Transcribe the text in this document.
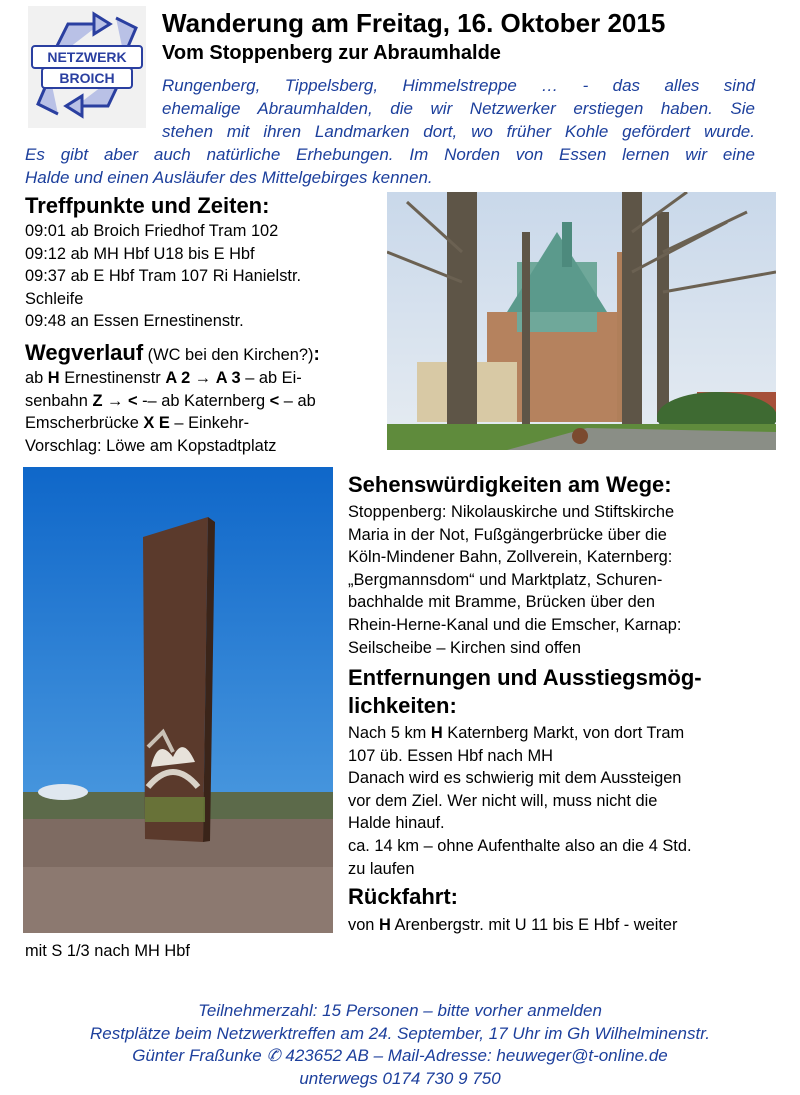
NETZWERK
BROICH
Wanderung am Freitag, 16. Oktober 2015
Vom Stoppenberg zur Abraumhalde
Rungenberg, Tippelsberg, Himmelstreppe … - das alles sind
ehemalige Abraumhalden, die wir Netzwerker erstiegen haben. Sie
stehen mit ihren Landmarken dort, wo früher Kohle gefördert wurde.
Es gibt aber auch natürliche Erhebungen. Im Norden von Essen lernen wir eine
Halde und einen Ausläufer des Mittelgebirges kennen.
Treffpunkte und Zeiten:
09:01 ab Broich Friedhof Tram 102
09:12 ab MH Hbf U18 bis E Hbf
09:37 ab E Hbf Tram 107 Ri Hanielstr.
Schleife
09:48 an Essen Ernestinenstr.
Wegverlauf (WC bei den Kirchen?):
ab H Ernestinenstr A 2 → A 3 – ab Ei-
senbahn Z → < -– ab Katernberg < – ab
Emscherbrücke X E – Einkehr-
Vorschlag: Löwe am Kopstadtplatz
Sehenswürdigkeiten am Wege:
Stoppenberg: Nikolauskirche und Stiftskirche
Maria in der Not, Fußgängerbrücke über die
Köln-Mindener Bahn, Zollverein, Katernberg:
„Bergmannsdom“ und Marktplatz, Schuren-
bachhalde mit Bramme, Brücken über den
Rhein-Herne-Kanal und die Emscher, Karnap:
Seilscheibe – Kirchen sind offen
Entfernungen und Ausstiegsmög-
lichkeiten:
Nach 5 km H Katernberg Markt, von dort Tram
107 üb. Essen Hbf nach MH
Danach wird es schwierig mit dem Aussteigen
vor dem Ziel. Wer nicht will, muss nicht die
Halde hinauf.
ca. 14 km – ohne Aufenthalte also an die 4 Std.
zu laufen
Rückfahrt:
von H Arenbergstr. mit U 11 bis E Hbf - weiter
mit S 1/3 nach MH Hbf
Teilnehmerzahl: 15 Personen – bitte vorher anmelden
Restplätze beim Netzwerktreffen am 24. September, 17 Uhr im Gh Wilhelminenstr.
Günter Fraßunke ✆ 423652 AB – Mail-Adresse: heuweger@t-online.de
unterwegs 0174 730 9 750
